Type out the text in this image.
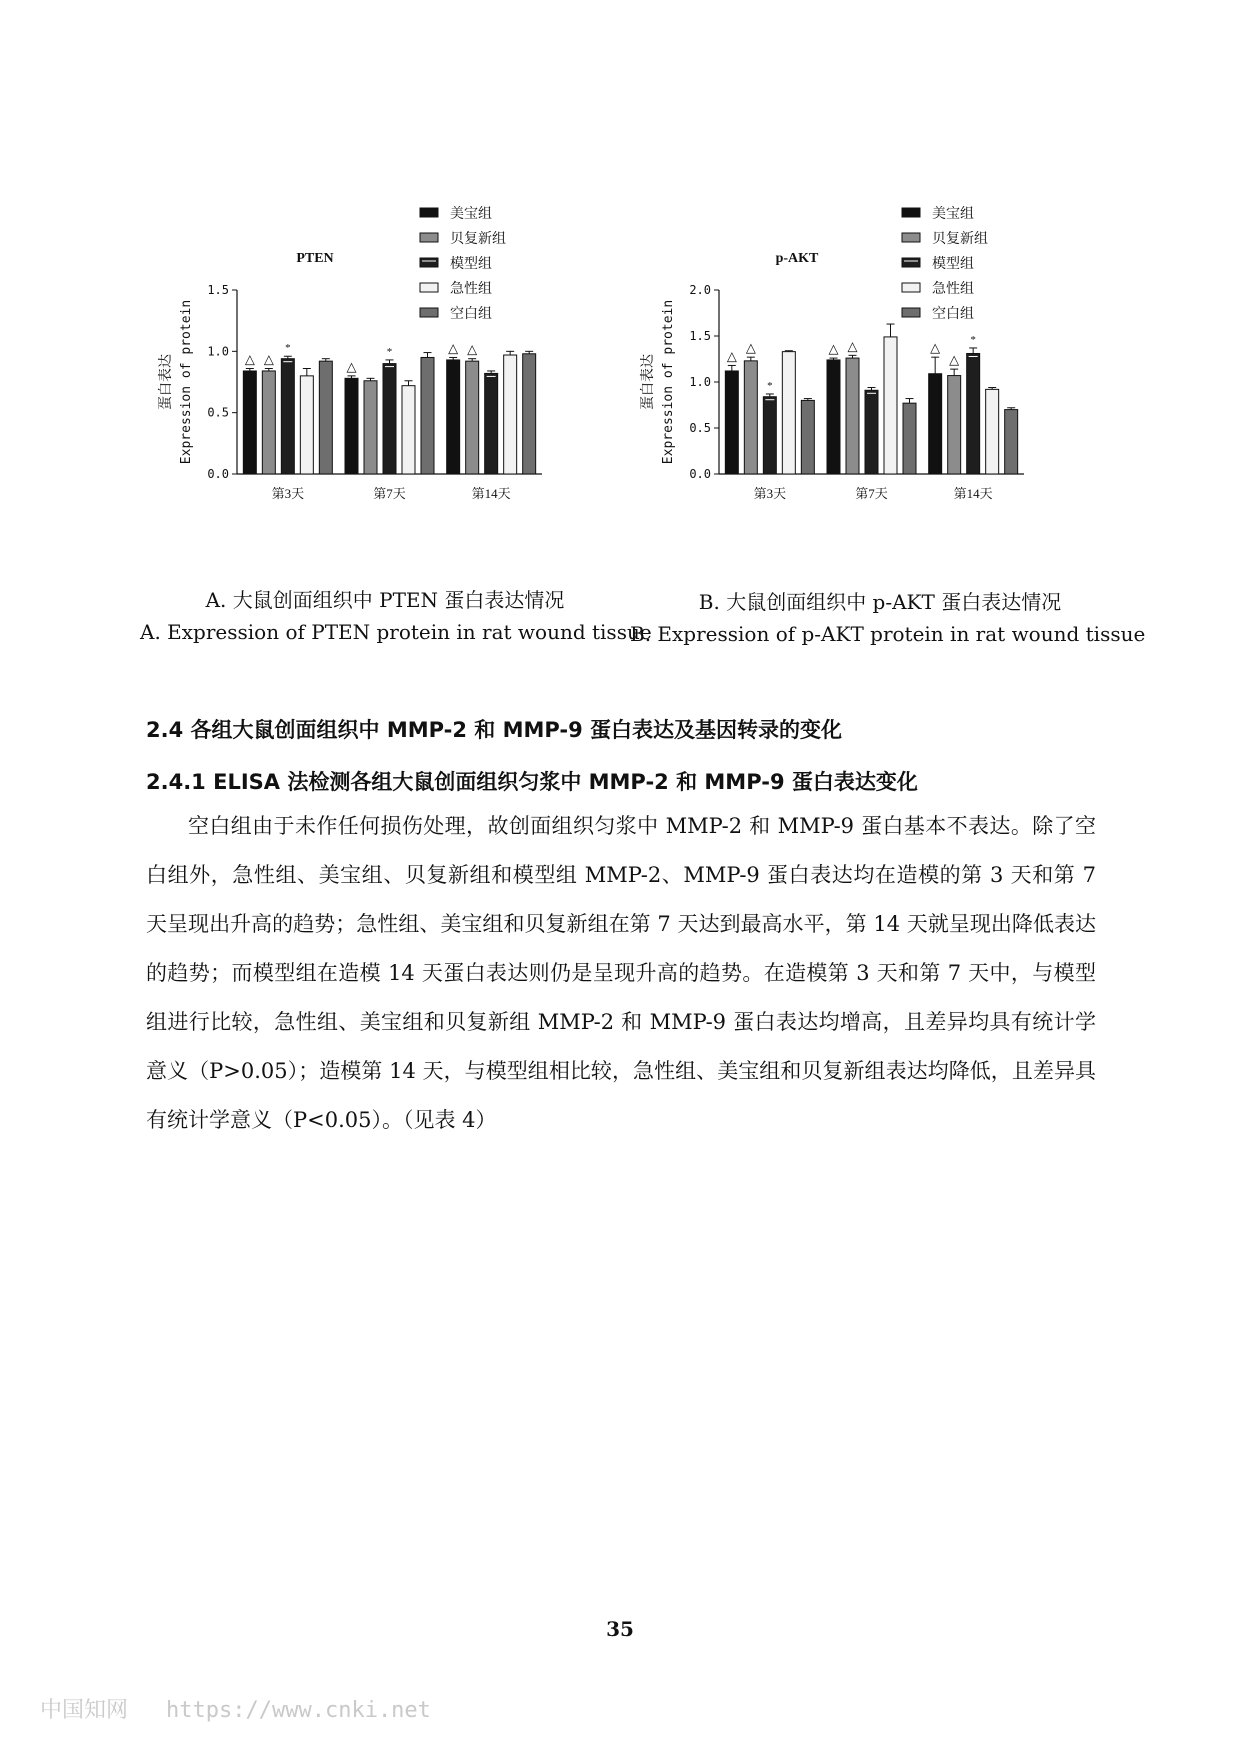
PTEN
蛋白表达 Expression of protein
0.0
0.5
1.0
1.5
△ △
*
第3天
△
*
第7天
△ △
第14天
美宝组
贝复新组
模型组
急性组
空白组
p-AKT
蛋白表达 Expression of protein
0.0
0.5
1.0
1.5
2.0
△
△
*
第3天
△ △
第7天
△
△
*
第14天
美宝组
贝复新组
模型组
急性组
空白组
A. 大鼠创面组织中 PTEN 蛋白表达情况
A. Expression of PTEN protein in rat wound tissue
B. 大鼠创面组织中 p-AKT 蛋白表达情况
B. Expression of p-AKT protein in rat wound tissue
2.4 各组大鼠创面组织中 MMP-2 和 MMP-9 蛋白表达及基因转录的变化
2.4.1 ELISA 法检测各组大鼠创面组织匀浆中 MMP-2 和 MMP-9 蛋白表达变化

空白组由于未作任何损伤处理，故创面组织匀浆中 MMP-2 和 MMP-9 蛋白基本不表达。除了空白组外，急性组、美宝组、贝复新组和模型组 MMP-2、MMP-9 蛋白表达均在造模的第 3 天和第 7 天呈现出升高的趋势；急性组、美宝组和贝复新组在第 7 天达到最高水平，第 14 天就呈现出降低表达的趋势；而模型组在造模 14 天蛋白表达则仍是呈现升高的趋势。在造模第 3 天和第 7 天中，与模型组进行比较，急性组、美宝组和贝复新组 MMP-2 和 MMP-9 蛋白表达均增高，且差异均具有统计学意义（P>0.05）；造模第 14 天，与模型组相比较，急性组、美宝组和贝复新组表达均降低，且差异具有统计学意义（P<0.05）。（见表 4）

35
中国知网 https://www.cnki.net
